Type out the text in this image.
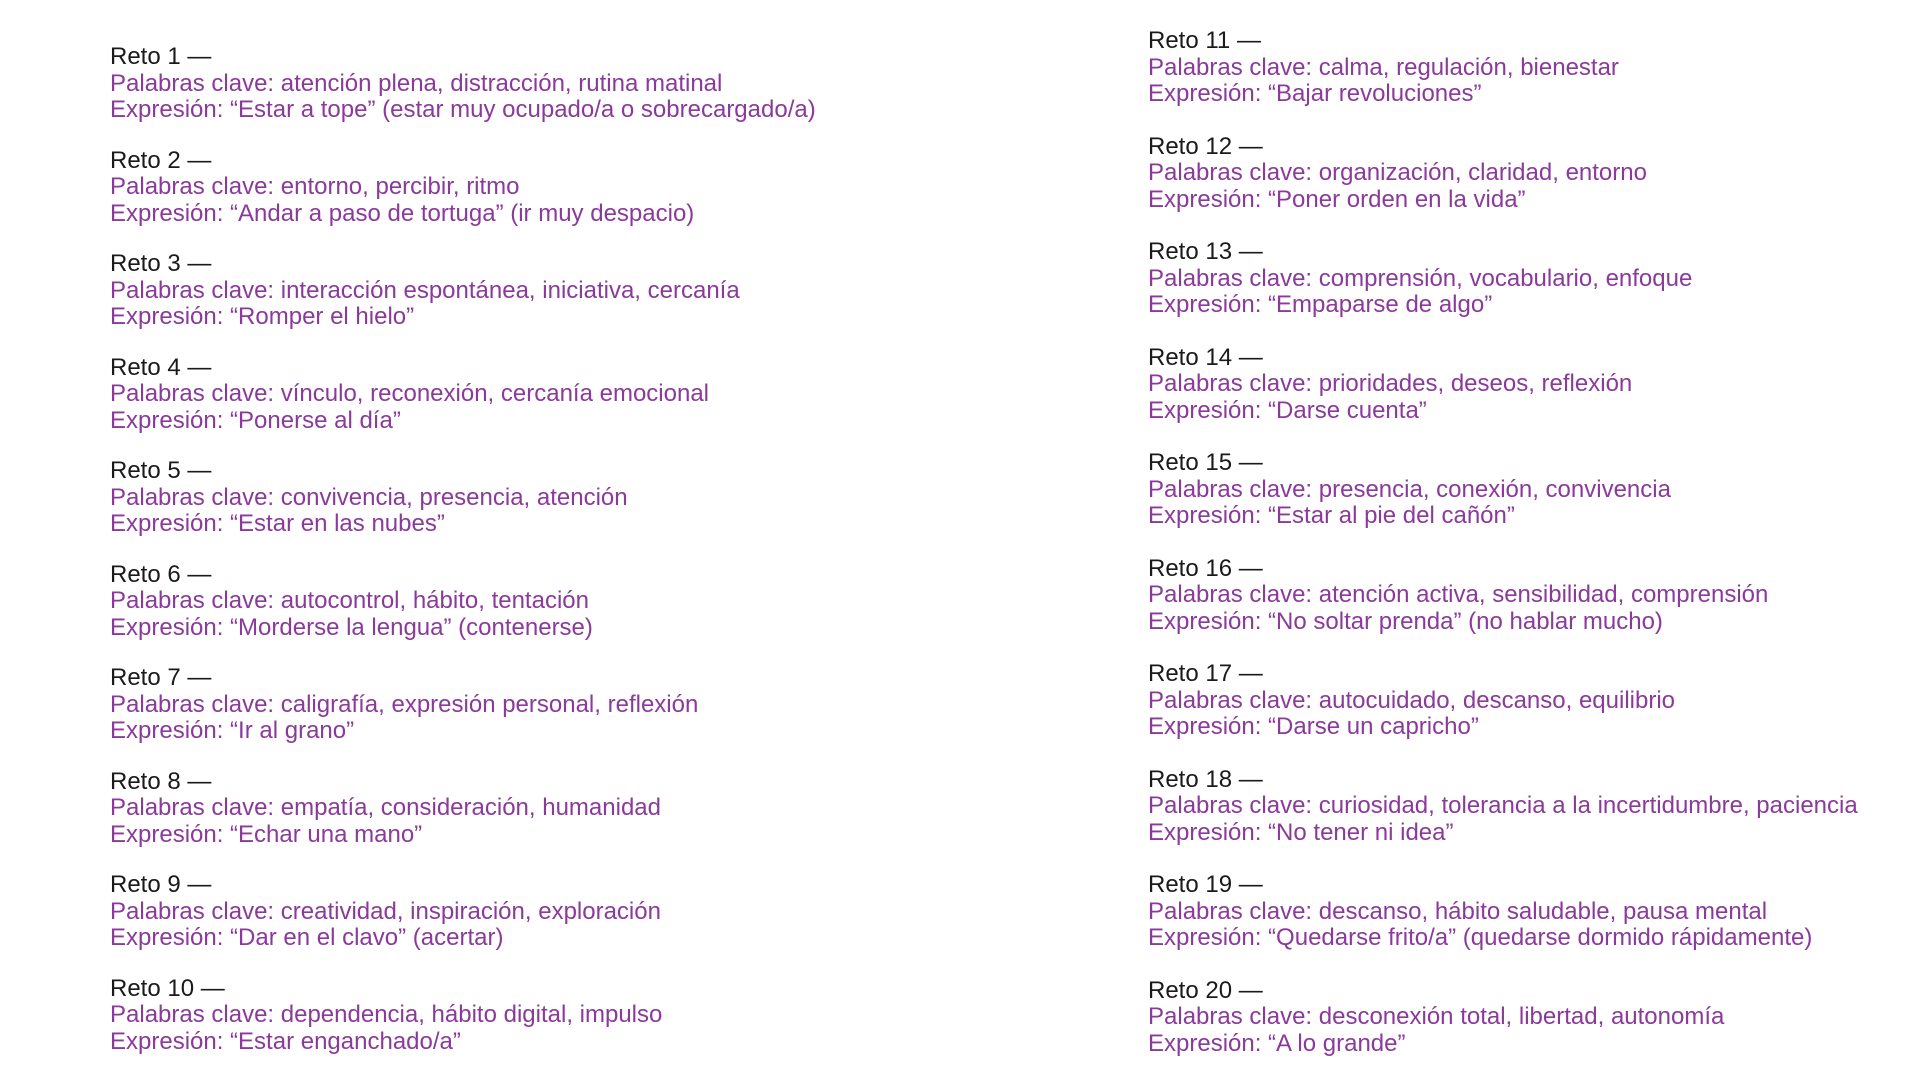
Reto 1 —
Palabras clave: atención plena, distracción, rutina matinal
Expresión: “Estar a tope” (estar muy ocupado/a o sobrecargado/a)
Reto 2 —
Palabras clave: entorno, percibir, ritmo
Expresión: “Andar a paso de tortuga” (ir muy despacio)
Reto 3 —
Palabras clave: interacción espontánea, iniciativa, cercanía
Expresión: “Romper el hielo”
Reto 4 —
Palabras clave: vínculo, reconexión, cercanía emocional
Expresión: “Ponerse al día”
Reto 5 —
Palabras clave: convivencia, presencia, atención
Expresión: “Estar en las nubes”
Reto 6 —
Palabras clave: autocontrol, hábito, tentación
Expresión: “Morderse la lengua” (contenerse)
Reto 7 —
Palabras clave: caligrafía, expresión personal, reflexión
Expresión: “Ir al grano”
Reto 8 —
Palabras clave: empatía, consideración, humanidad
Expresión: “Echar una mano”
Reto 9 —
Palabras clave: creatividad, inspiración, exploración
Expresión: “Dar en el clavo” (acertar)
Reto 10 —
Palabras clave: dependencia, hábito digital, impulso
Expresión: “Estar enganchado/a”
Reto 11 —
Palabras clave: calma, regulación, bienestar
Expresión: “Bajar revoluciones”
Reto 12 —
Palabras clave: organización, claridad, entorno
Expresión: “Poner orden en la vida”
Reto 13 —
Palabras clave: comprensión, vocabulario, enfoque
Expresión: “Empaparse de algo”
Reto 14 —
Palabras clave: prioridades, deseos, reflexión
Expresión: “Darse cuenta”
Reto 15 —
Palabras clave: presencia, conexión, convivencia
Expresión: “Estar al pie del cañón”
Reto 16 —
Palabras clave: atención activa, sensibilidad, comprensión
Expresión: “No soltar prenda” (no hablar mucho)
Reto 17 —
Palabras clave: autocuidado, descanso, equilibrio
Expresión: “Darse un capricho”
Reto 18 —
Palabras clave: curiosidad, tolerancia a la incertidumbre, paciencia
Expresión: “No tener ni idea”
Reto 19 —
Palabras clave: descanso, hábito saludable, pausa mental
Expresión: “Quedarse frito/a” (quedarse dormido rápidamente)
Reto 20 —
Palabras clave: desconexión total, libertad, autonomía
Expresión: “A lo grande”
